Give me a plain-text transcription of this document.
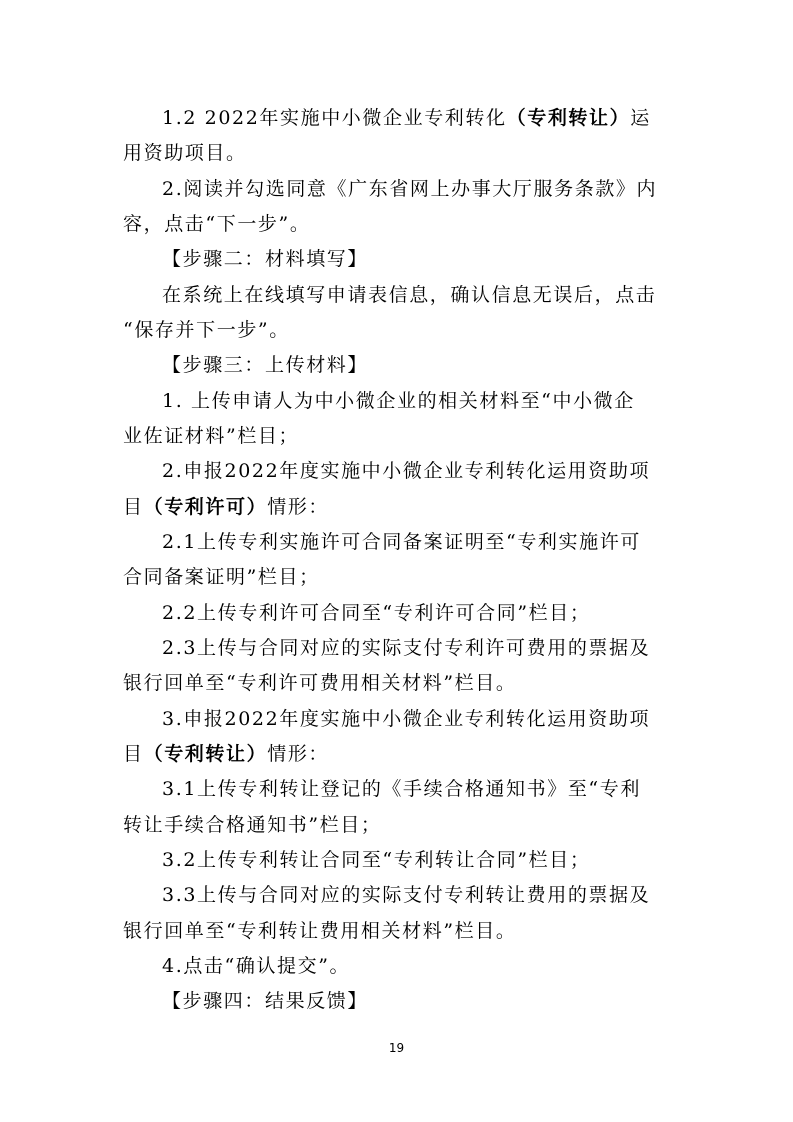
1.2 2022年实施中小微企业专利转化（专利转让）运
用资助项目。
2.阅读并勾选同意《广东省网上办事大厅服务条款》内
容，点击“下一步”。
【步骤二：材料填写】
在系统上在线填写申请表信息，确认信息无误后，点击
“保存并下一步”。
【步骤三：上传材料】
1. 上传申请人为中小微企业的相关材料至“中小微企
业佐证材料”栏目；
2.申报2022年度实施中小微企业专利转化运用资助项
目（专利许可）情形：
2.1上传专利实施许可合同备案证明至“专利实施许可
合同备案证明”栏目；
2.2上传专利许可合同至“专利许可合同”栏目；
2.3上传与合同对应的实际支付专利许可费用的票据及
银行回单至“专利许可费用相关材料”栏目。
3.申报2022年度实施中小微企业专利转化运用资助项
目（专利转让）情形：
3.1上传专利转让登记的《手续合格通知书》至“专利
转让手续合格通知书”栏目；
3.2上传专利转让合同至“专利转让合同”栏目；
3.3上传与合同对应的实际支付专利转让费用的票据及
银行回单至“专利转让费用相关材料”栏目。
4.点击“确认提交”。
【步骤四：结果反馈】
19
